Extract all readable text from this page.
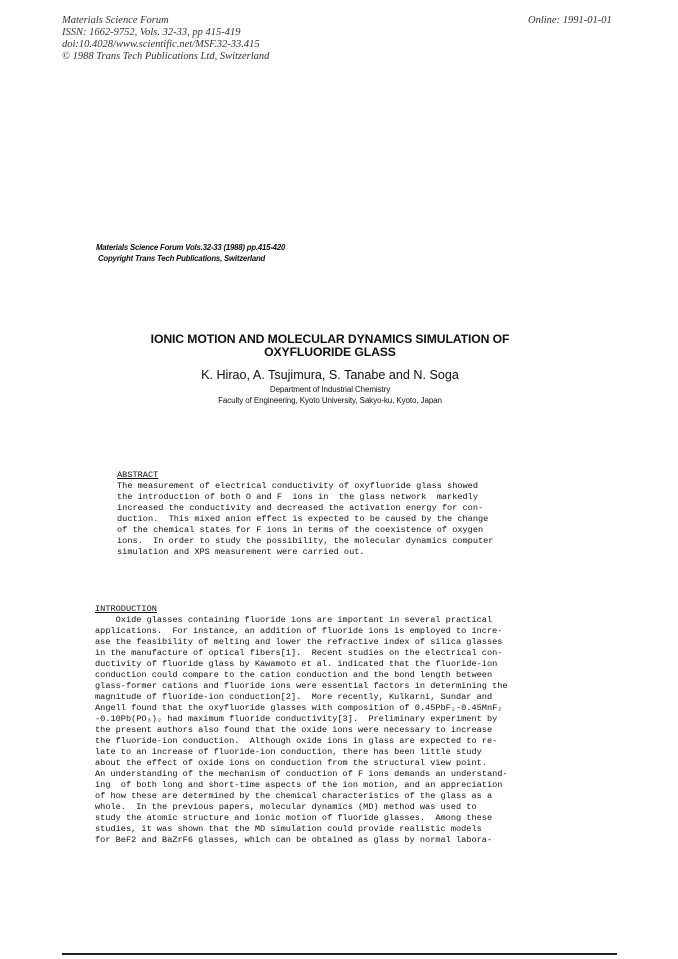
Materials Science Forum
ISSN: 1662-9752, Vols. 32-33, pp 415-419
doi:10.4028/www.scientific.net/MSF.32-33.415
© 1988 Trans Tech Publications Ltd, Switzerland
Online: 1991-01-01
Materials Science Forum Vols.32-33 (1988) pp.415-420
Copyright Trans Tech Publications, Switzerland
IONIC MOTION AND MOLECULAR DYNAMICS SIMULATION OF
OXYFLUORIDE GLASS
K. Hirao, A. Tsujimura, S. Tanabe and N. Soga
Department of Industrial Chemistry
Faculty of Engineering, Kyoto University, Sakyo-ku, Kyoto, Japan
ABSTRACT
The measurement of electrical conductivity of oxyfluoride glass showed
the introduction of both O and F  ions in  the glass network  markedly
increased the conductivity and decreased the activation energy for con-
duction.  This mixed anion effect is expected to be caused by the change
of the chemical states for F ions in terms of the coexistence of oxygen
ions.  In order to study the possibility, the molecular dynamics computer
simulation and XPS measurement were carried out.
INTRODUCTION
Oxide glasses containing fluoride ions are important in several practical
applications.  For instance, an addition of fluoride ions is employed to incre-
ase the feasibility of melting and lower the refractive index of silica glasses
in the manufacture of optical fibers[1].  Recent studies on the electrical con-
ductivity of fluoride glass by Kawamoto et al. indicated that the fluoride-ion
conduction could compare to the cation conduction and the bond length between
glass-former cations and fluoride ions were essential factors in determining the
magnitude of fluoride-ion conduction[2].  More recently, Kulkarni, Sundar and
Angell found that the oxyfluoride glasses with composition of 0.45PbF₂-0.45MnF₂
-0.10Pb(PO₃)₂ had maximum fluoride conductivity[3].  Preliminary experiment by
the present authors also found that the oxide ions were necessary to increase
the fluoride-ion conduction.  Although oxide ions in glass are expected to re-
late to an increase of fluoride-ion conduction, there has been little study
about the effect of oxide ions on conduction from the structural view point.
An understanding of the mechanism of conduction of F ions demands an understand-
ing  of both long and short-time aspects of the ion motion, and an appreciation
of how these are determined by the chemical characteristics of the glass as a
whole.  In the previous papers, molecular dynamics (MD) method was used to
study the atomic structure and ionic motion of fluoride glasses.  Among these
studies, it was shown that the MD simulation could provide realistic models
for BeF2 and BaZrF6 glasses, which can be obtained as glass by normal labora-
